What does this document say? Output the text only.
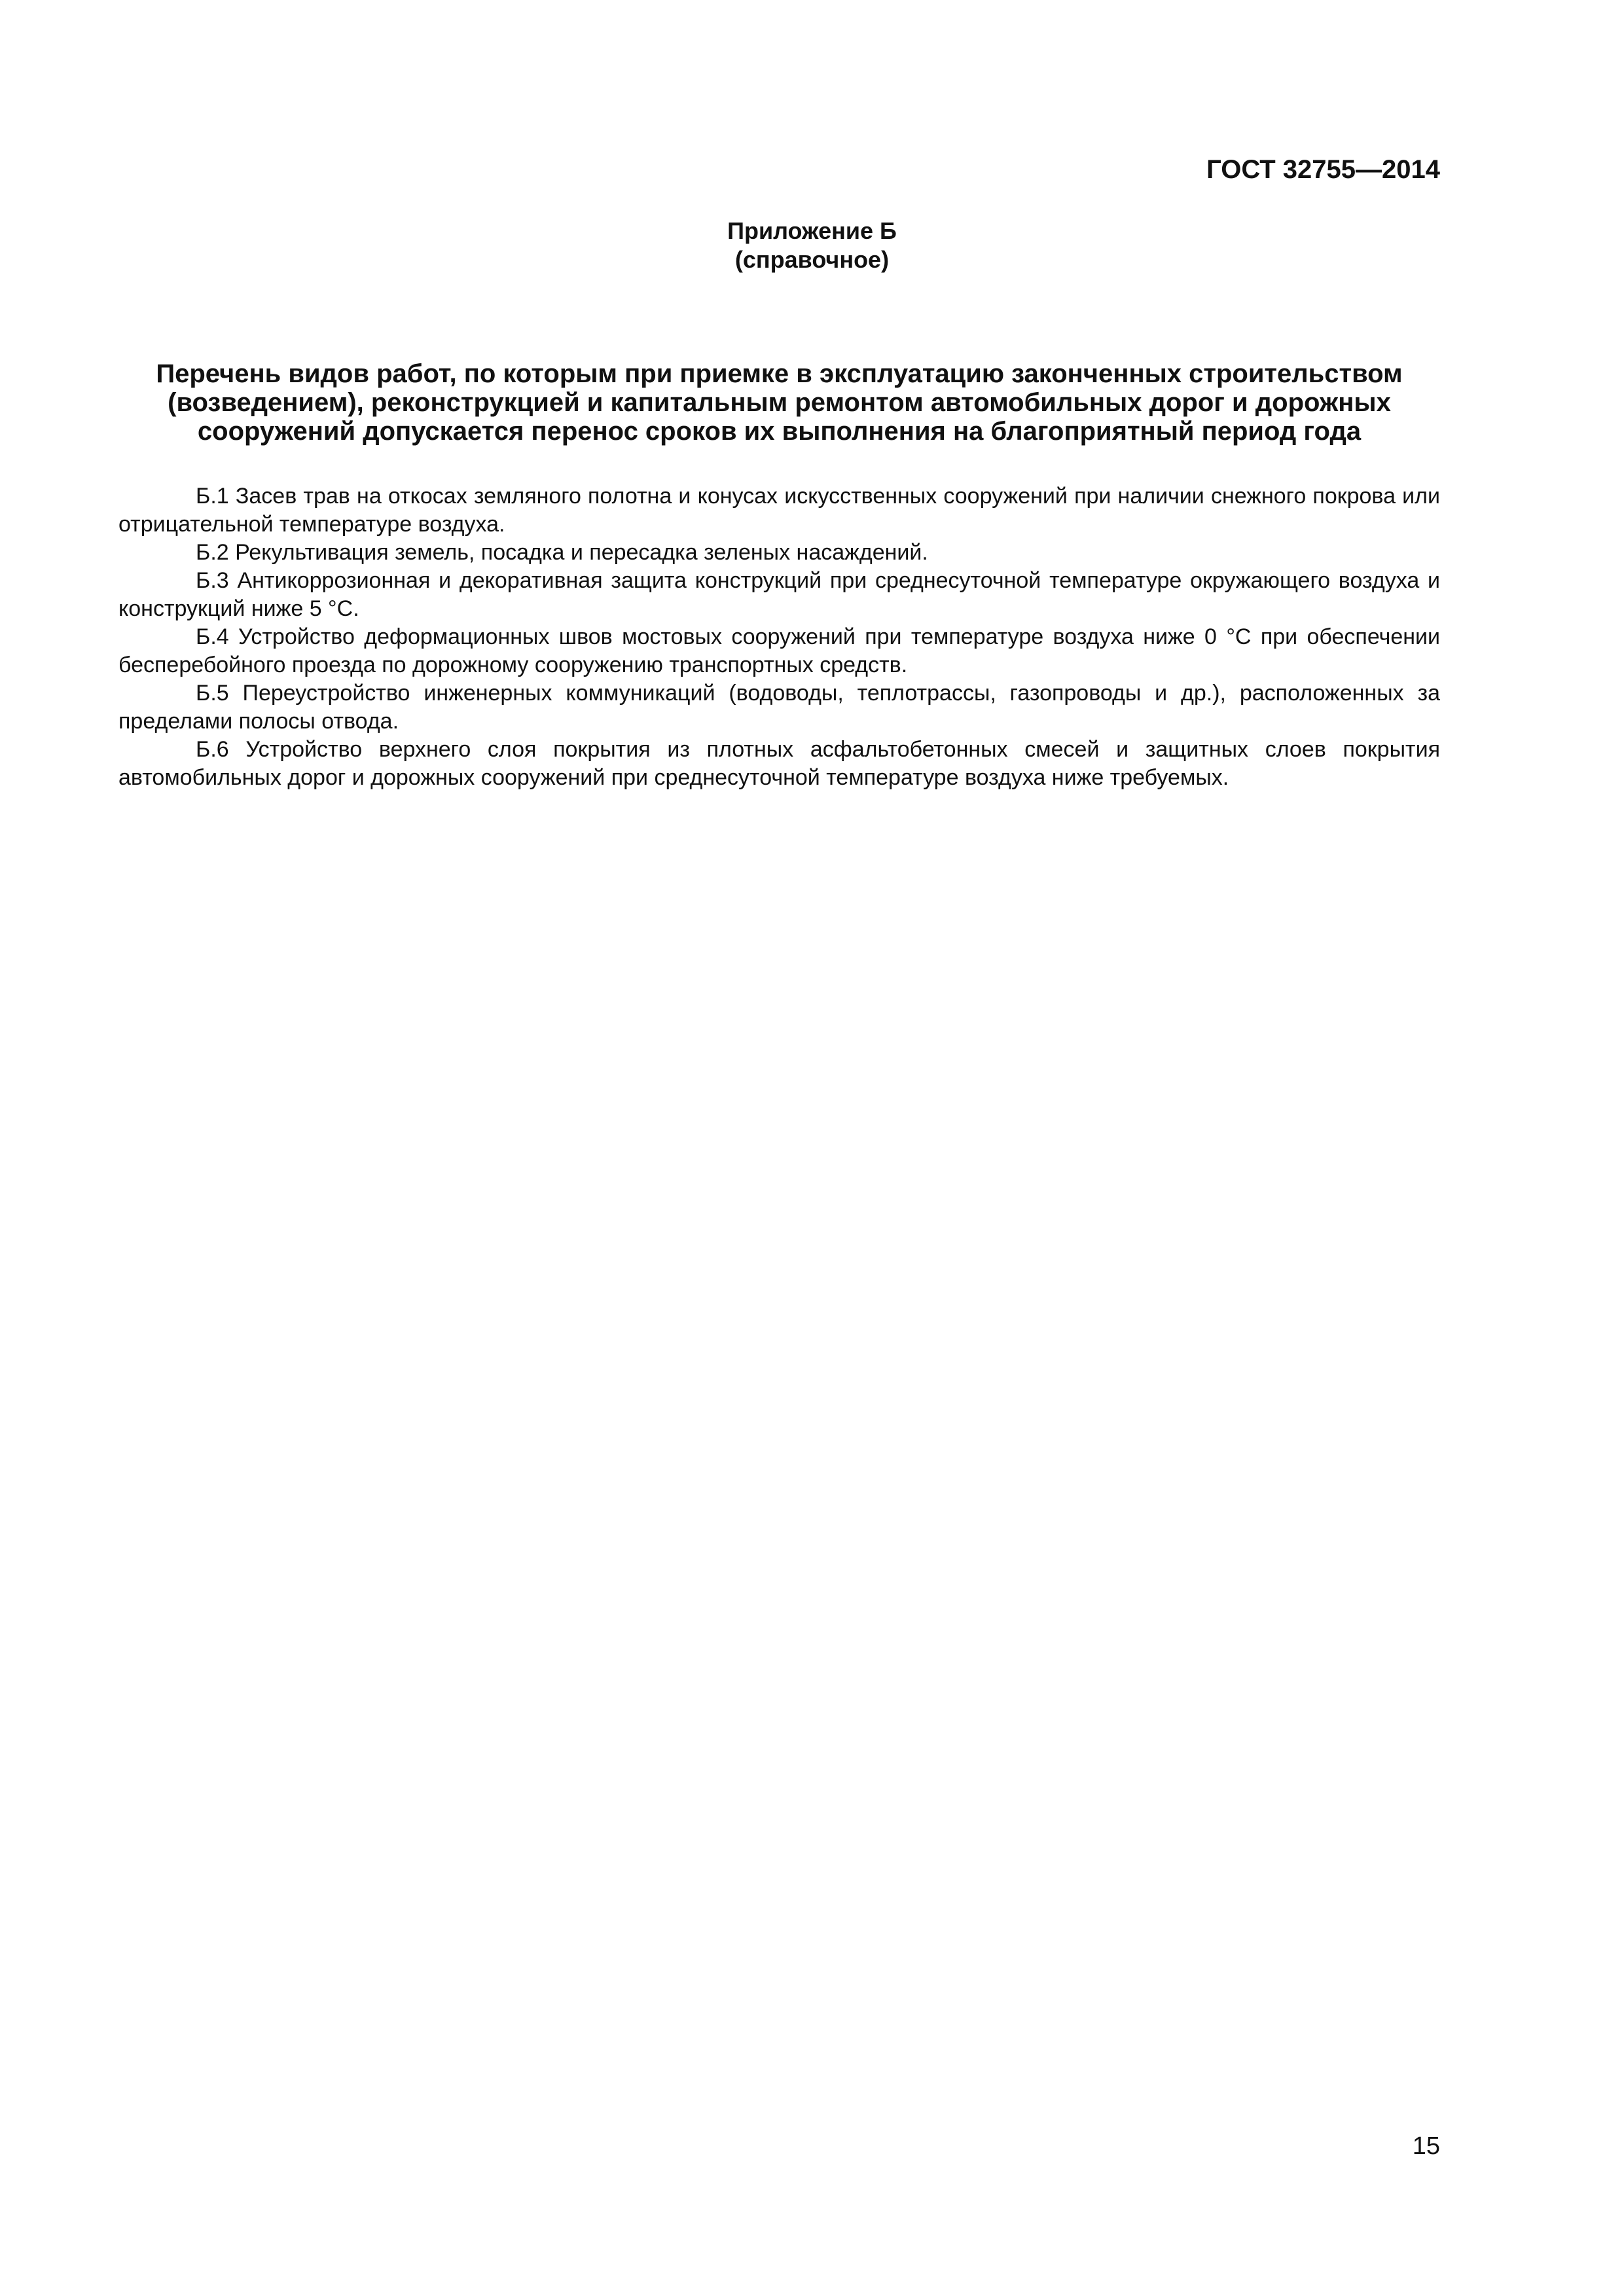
ГОСТ 32755—2014
Приложение Б
(справочное)
Перечень видов работ, по которым при приемке в эксплуатацию законченных строительством (возведением), реконструкцией и капитальным ремонтом автомобильных дорог и дорожных сооружений допускается перенос сроков их выполнения на благоприятный период года

Б.1 Засев трав на откосах земляного полотна и конусах искусственных сооружений при наличии снежного покрова или отрицательной температуре воздуха.

Б.2 Рекультивация земель, посадка и пересадка зеленых насаждений.

Б.3 Антикоррозионная и декоративная защита конструкций при среднесуточной температуре окружающего воздуха и конструкций ниже 5 °С.

Б.4 Устройство деформационных швов мостовых сооружений при температуре воздуха ниже 0 °С при обеспечении бесперебойного проезда по дорожному сооружению транспортных средств.

Б.5 Переустройство инженерных коммуникаций (водоводы, теплотрассы, газопроводы и др.), расположенных за пределами полосы отвода.

Б.6 Устройство верхнего слоя покрытия из плотных асфальтобетонных смесей и защитных слоев покрытия автомобильных дорог и дорожных сооружений при среднесуточной температуре воздуха ниже требуемых.

15
